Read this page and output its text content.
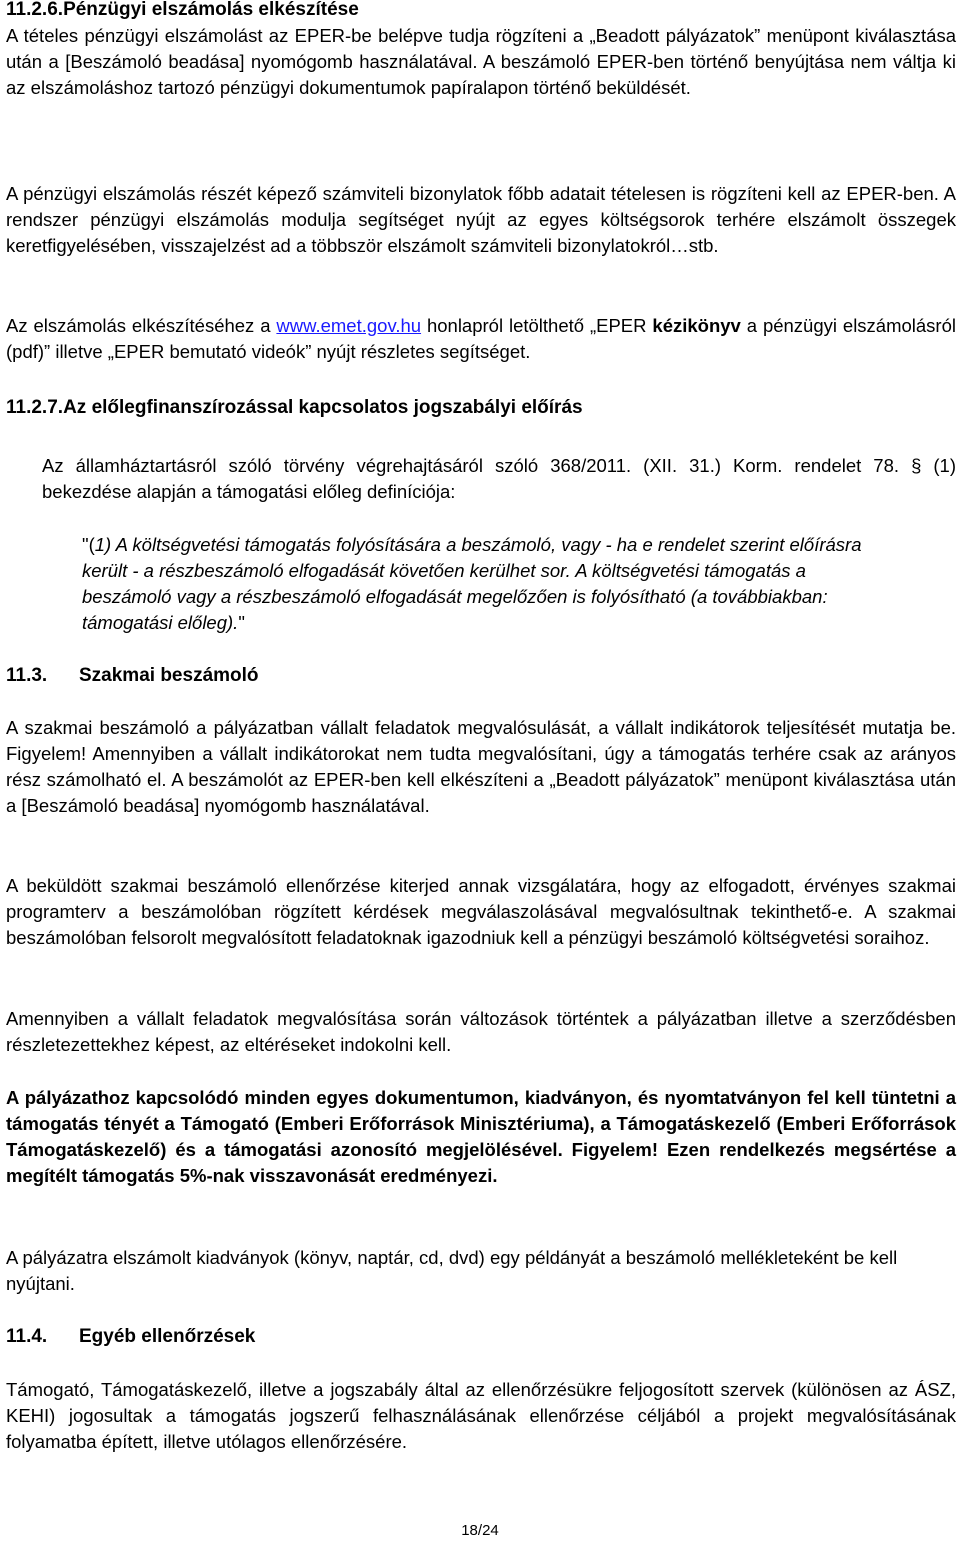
11.2.6.Pénzügyi elszámolás elkészítése

A tételes pénzügyi elszámolást az EPER-be belépve tudja rögzíteni a „Beadott pályázatok” menüpont kiválasztása után a [Beszámoló beadása] nyomógomb használatával. A beszámoló EPER-ben történő benyújtása nem váltja ki az elszámoláshoz tartozó pénzügyi dokumentumok papíralapon történő beküldését.

A pénzügyi elszámolás részét képező számviteli bizonylatok főbb adatait tételesen is rögzíteni kell az EPER-ben. A rendszer pénzügyi elszámolás modulja segítséget nyújt az egyes költségsorok terhére elszámolt összegek keretfigyelésében, visszajelzést ad a többször elszámolt számviteli bizonylatokról…stb.

Az elszámolás elkészítéséhez a www.emet.gov.hu honlapról letölthető „EPER kézikönyv a pénzügyi elszámolásról (pdf)” illetve „EPER bemutató videók” nyújt részletes segítséget.

11.2.7.Az előlegfinanszírozással kapcsolatos jogszabályi előírás

Az államháztartásról szóló törvény végrehajtásáról szóló 368/2011. (XII. 31.) Korm. rendelet 78. § (1) bekezdése alapján a támogatási előleg definíciója:

"(1) A költségvetési támogatás folyósítására a beszámoló, vagy - ha e rendelet szerint előírásra került - a részbeszámoló elfogadását követően kerülhet sor. A költségvetési támogatás a beszámoló vagy a részbeszámoló elfogadását megelőzően is folyósítható (a továbbiakban: támogatási előleg)."

11.3. Szakmai beszámoló

A szakmai beszámoló a pályázatban vállalt feladatok megvalósulását, a vállalt indikátorok teljesítését mutatja be. Figyelem! Amennyiben a vállalt indikátorokat nem tudta megvalósítani, úgy a támogatás terhére csak az arányos rész számolható el. A beszámolót az EPER-ben kell elkészíteni a „Beadott pályázatok” menüpont kiválasztása után a [Beszámoló beadása] nyomógomb használatával.

A beküldött szakmai beszámoló ellenőrzése kiterjed annak vizsgálatára, hogy az elfogadott, érvényes szakmai programterv a beszámolóban rögzített kérdések megválaszolásával megvalósultnak tekinthető-e. A szakmai beszámolóban felsorolt megvalósított feladatoknak igazodniuk kell a pénzügyi beszámoló költségvetési soraihoz.

Amennyiben a vállalt feladatok megvalósítása során változások történtek a pályázatban illetve a szerződésben részletezettekhez képest, az eltéréseket indokolni kell.

A pályázathoz kapcsolódó minden egyes dokumentumon, kiadványon, és nyomtatványon fel kell tüntetni a támogatás tényét a Támogató (Emberi Erőforrások Minisztériuma), a Támogatáskezelő (Emberi Erőforrások Támogatáskezelő) és a támogatási azonosító megjelölésével. Figyelem! Ezen rendelkezés megsértése a megítélt támogatás 5%-nak visszavonását eredményezi.

A pályázatra elszámolt kiadványok (könyv, naptár, cd, dvd) egy példányát a beszámoló mellékleteként be kell nyújtani.

11.4. Egyéb ellenőrzések

Támogató, Támogatáskezelő, illetve a jogszabály által az ellenőrzésükre feljogosított szervek (különösen az ÁSZ, KEHI) jogosultak a támogatás jogszerű felhasználásának ellenőrzése céljából a projekt megvalósításának folyamatba épített, illetve utólagos ellenőrzésére.

18/24
